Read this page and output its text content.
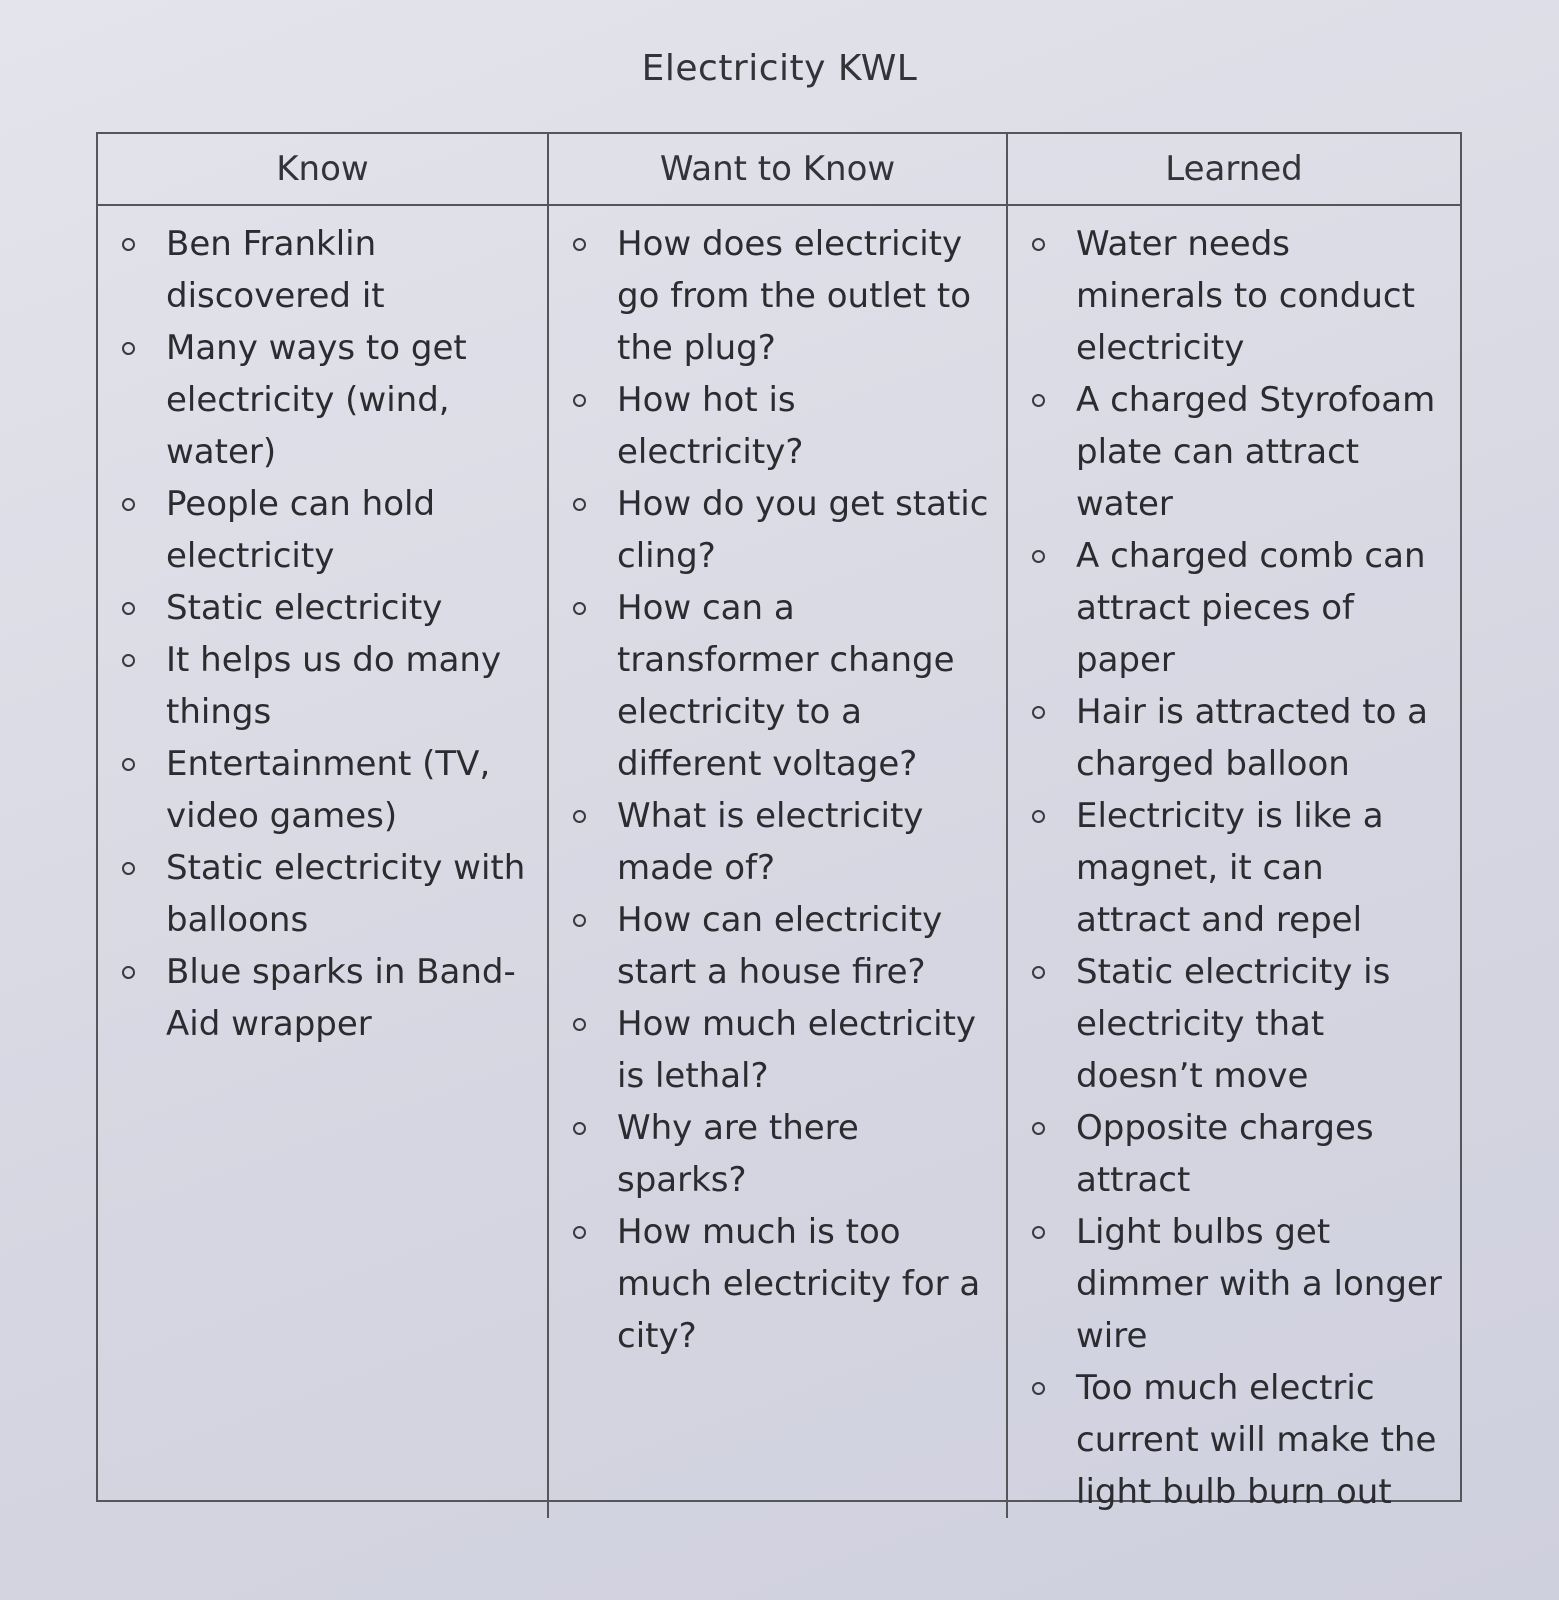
Electricity KWL
Know	Want to Know	Learned
Ben Franklin discovered it
Many ways to get electricity (wind, water)
People can hold electricity
Static electricity
It helps us do many things
Entertainment (TV, video games)
Static electricity with balloons
Blue sparks in Band-Aid wrapper
How does electricity go from the outlet to the plug?
How hot is electricity?
How do you get static cling?
How can a transformer change electricity to a different voltage?
What is electricity made of?
How can electricity start a house fire?
How much electricity is lethal?
Why are there sparks?
How much is too much electricity for a city?
Water needs minerals to conduct electricity
A charged Styrofoam plate can attract water
A charged comb can attract pieces of paper
Hair is attracted to a charged balloon
Electricity is like a magnet, it can attract and repel
Static electricity is electricity that doesn’t move
Opposite charges attract
Light bulbs get dimmer with a longer wire
Too much electric current will make the light bulb burn out
